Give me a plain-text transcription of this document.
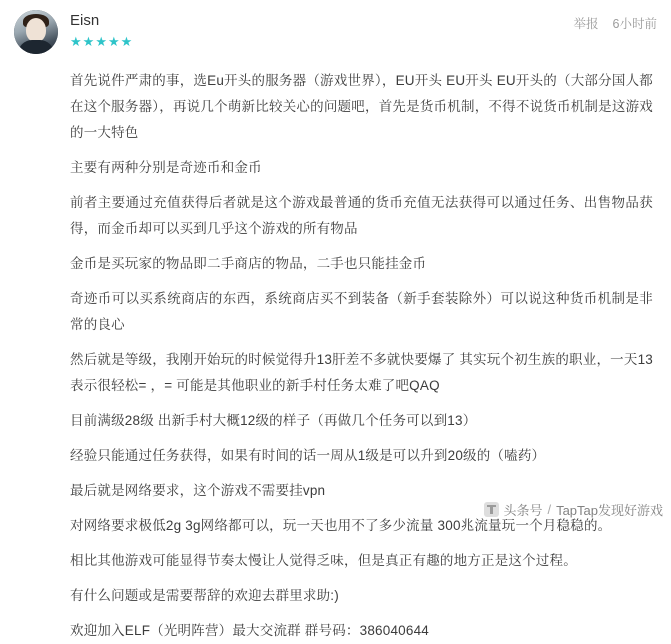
Eisn
★★★★★
举报 6小时前

首先说件严肃的事，选Eu开头的服务器（游戏世界），EU开头 EU开头 EU开头的（大部分国人都在这个服务器），再说几个萌新比较关心的问题吧，首先是货币机制，不得不说货币机制是这游戏的一大特色

主要有两种分别是奇迹币和金币

前者主要通过充值获得后者就是这个游戏最普通的货币充值无法获得可以通过任务、出售物品获得，而金币却可以买到几乎这个游戏的所有物品

金币是买玩家的物品即二手商店的物品，二手也只能挂金币

奇迹币可以买系统商店的东西，系统商店买不到装备（新手套装除外）可以说这种货币机制是非常的良心

然后就是等级，我刚开始玩的时候觉得升13肝差不多就快要爆了 其实玩个初生族的职业，一天13表示很轻松= ，= 可能是其他职业的新手村任务太难了吧QAQ

目前满级28级 出新手村大概12级的样子（再做几个任务可以到13）

经验只能通过任务获得，如果有时间的话一周从1级是可以升到20级的（嗑药）

最后就是网络要求，这个游戏不需要挂vpn

对网络要求极低2g 3g网络都可以，玩一天也用不了多少流量 300兆流量玩一个月稳稳的。

相比其他游戏可能显得节奏太慢让人觉得乏味，但是真正有趣的地方正是这个过程。

有什么问题或是需要帮辞的欢迎去群里求助:)

欢迎加入ELF（光明阵营）最大交流群 群号码：386040644

头条号 / TapTap发现好游戏
